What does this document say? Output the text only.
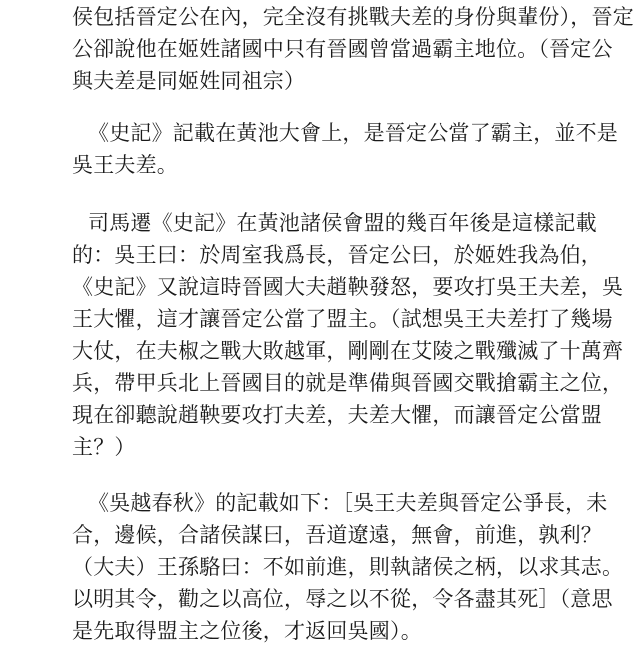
侯包括晉定公在內，完全沒有挑戰夫差的身份與輩份），晉定
公卻說他在姬姓諸國中只有晉國曾當過霸主地位。（晉定公
與夫差是同姬姓同祖宗）
《史記》記載在黃池大會上，是晉定公當了霸主，並不是
吳王夫差。
司馬遷《史記》在黃池諸侯會盟的幾百年後是這樣記載
的：吳王曰：於周室我爲長，晉定公曰，於姬姓我為伯，
《史記》又說這時晉國大夫趙鞅發怒，要攻打吳王夫差，吳
王大懼，這才讓晉定公當了盟主。（試想吳王夫差打了幾場
大仗，在夫椒之戰大敗越軍，剛剛在艾陵之戰殲滅了十萬齊
兵，帶甲兵北上晉國目的就是準備與晉國交戰搶霸主之位，
現在卻聽說趙鞅要攻打夫差，夫差大懼，而讓晉定公當盟
主？）
《吳越春秋》的記載如下：［吳王夫差與晉定公爭長，未
合，邊候，合諸侯謀曰，吾道遼遠，無會，前進，孰利？
（大夫）王孫駱曰：不如前進，則執諸侯之柄，以求其志。
以明其令，勸之以高位，辱之以不從，令各盡其死］（意思
是先取得盟主之位後，才返回吳國）。
